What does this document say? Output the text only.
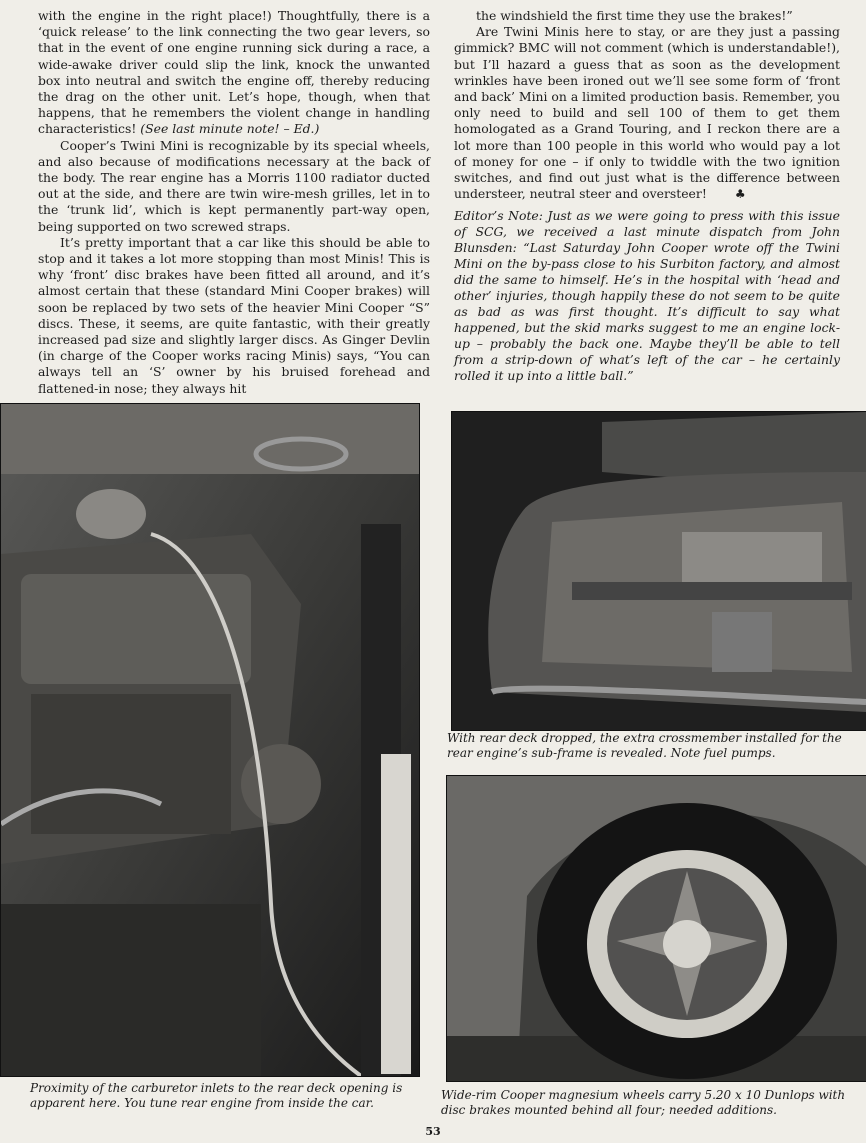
with the engine in the right place!) Thoughtfully, there is a ‘quick release’ to the link connecting the two gear levers, so that in the event of one engine running sick during a race, a wide-awake driver could slip the link, knock the unwanted box into neutral and switch the engine off, thereby reducing the drag on the other unit. Let’s hope, though, when that happens, that he remembers the violent change in handling characteristics! (See last minute note! – Ed.)

Cooper’s Twini Mini is recognizable by its special wheels, and also because of modifications necessary at the back of the body. The rear engine has a Morris 1100 radiator ducted out at the side, and there are twin wire-mesh grilles, let in to the ‘trunk lid’, which is kept permanently part-way open, being supported on two screwed straps.

It’s pretty important that a car like this should be able to stop and it takes a lot more stopping than most Minis! This is why ‘front’ disc brakes have been fitted all around, and it’s almost certain that these (standard Mini Cooper brakes) will soon be replaced by two sets of the heavier Mini Cooper “S” discs. These, it seems, are quite fantastic, with their greatly increased pad size and slightly larger discs. As Ginger Devlin (in charge of the Cooper works racing Minis) says, “You can always tell an ‘S’ owner by his bruised forehead and flattened-in nose; they always hit

the windshield the first time they use the brakes!”

Are Twini Minis here to stay, or are they just a passing gimmick? BMC will not comment (which is understandable!), but I’ll hazard a guess that as soon as the development wrinkles have been ironed out we’ll see some form of ‘front and back’ Mini on a limited production basis. Remember, you only need to build and sell 100 of them to get them homologated as a Grand Touring, and I reckon there are a lot more than 100 people in this world who would pay a lot of money for one – if only to twiddle with the two ignition switches, and find out just what is the difference between understeer, neutral steer and oversteer! ♣

Editor’s Note: Just as we were going to press with this issue of SCG, we received a last minute dispatch from John Blunsden: “Last Saturday John Cooper wrote off the Twini Mini on the by-pass close to his Surbiton factory, and almost did the same to himself. He’s in the hospital with ‘head and other’ injuries, though happily these do not seem to be quite as bad as was first thought. It’s difficult to say what happened, but the skid marks suggest to me an engine lock-up – probably the back one. Maybe they’ll be able to tell from a strip-down of what’s left of the car – he certainly rolled it up into a little ball.”

With rear deck dropped, the extra crossmember installed for the rear engine’s sub-frame is revealed. Note fuel pumps.
Wide-rim Cooper magnesium wheels carry 5.20 x 10 Dunlops with disc brakes mounted behind all four; needed additions.
Proximity of the carburetor inlets to the rear deck opening is apparent here. You tune rear engine from inside the car.
53
